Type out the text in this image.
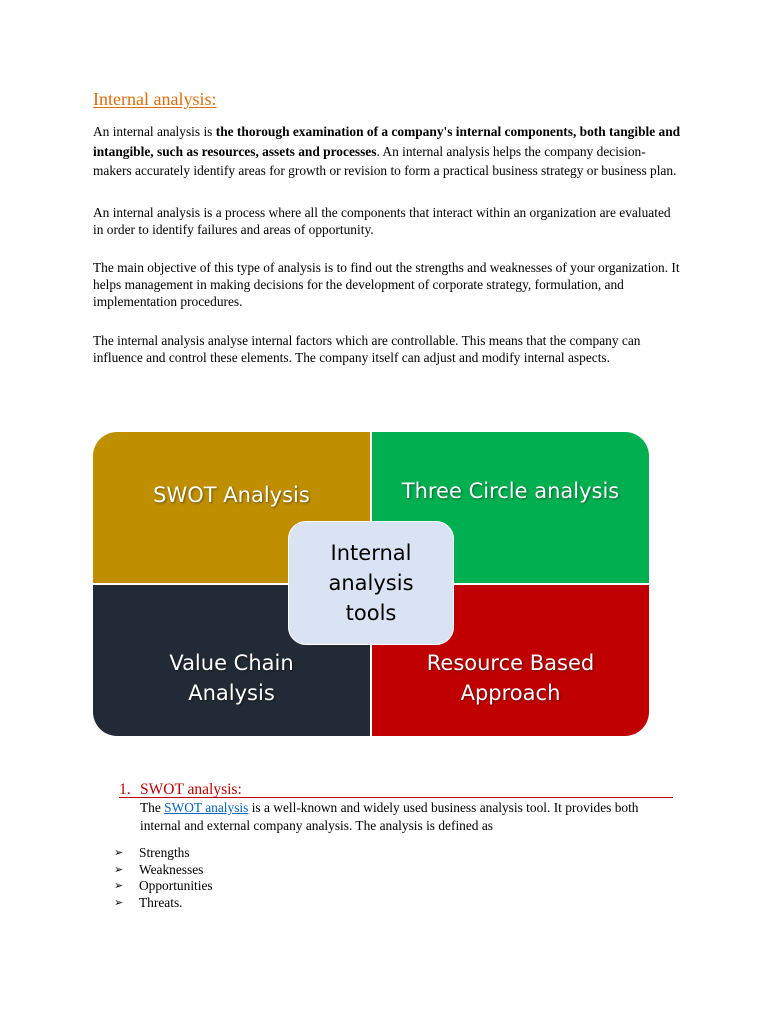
Internal analysis:

An internal analysis is the thorough examination of a company's internal components, both tangible and intangible, such as resources, assets and processes. An internal analysis helps the company decision-makers accurately identify areas for growth or revision to form a practical business strategy or business plan.

An internal analysis is a process where all the components that interact within an organization are evaluated in order to identify failures and areas of opportunity.

The main objective of this type of analysis is to find out the strengths and weaknesses of your organization. It helps management in making decisions for the development of corporate strategy, formulation, and implementation procedures.

The internal analysis analyse internal factors which are controllable. This means that the company can influence and control these elements. The company itself can adjust and modify internal aspects.

SWOT Analysis	Three Circle analysis
Value Chain Analysis
Resource Based Approach
Internal analysis tools
1. SWOT analysis:
The SWOT analysis is a well-known and widely used business analysis tool. It provides both internal and external company analysis. The analysis is defined as
➢	Strengths
➢	Weaknesses
➢	Opportunities
➢	Threats.
